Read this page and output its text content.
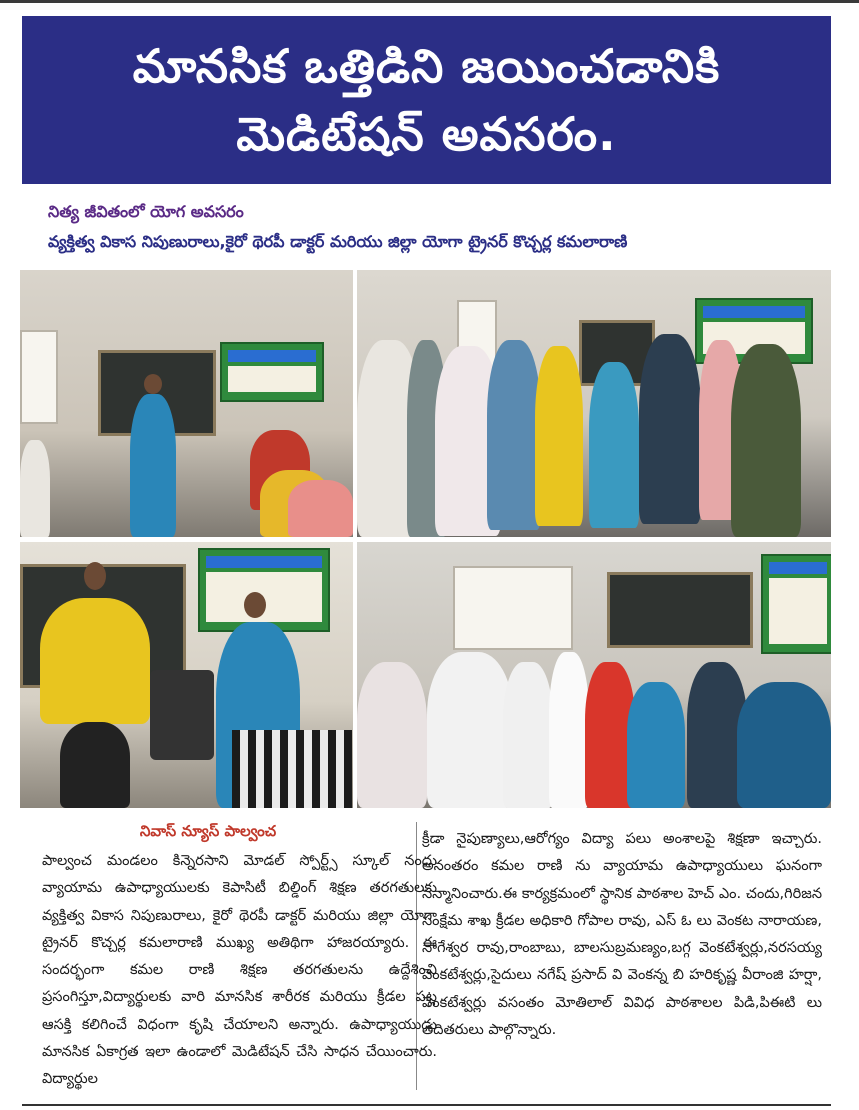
మానసిక ఒత్తిడిని జయించడానికి
మెడిటేషన్ అవసరం.
నిత్య జీవితంలో యోగ అవసరం
వ్యక్తిత్వ వికాస నిపుణురాలు,కైరో థెరపీ డాక్టర్ మరియు జిల్లా యోగా ట్రైనర్ కొచ్చర్ల కమలారాణి
నివాస్ న్యూస్ పాల్వంచ
పాల్వంచ మండలం కిన్నెరసాని మోడల్ స్పోర్ట్స్ స్కూల్ నందు వ్యాయామ ఉపాధ్యాయులకు కెపాసిటీ బిల్డింగ్ శిక్షణ తరగతులకు వ్యక్తిత్వ వికాస నిపుణురాలు, కైరో థెరపీ డాక్టర్ మరియు జిల్లా యోగా ట్రైనర్ కొచ్చర్ల కమలారాణి ముఖ్య అతిథిగా హాజరయ్యారు. ఈ సందర్భంగా కమల రాణి శిక్షణ తరగతులను ఉద్దేశించి ప్రసంగిస్తూ,విద్యార్థులకు వారి మానసిక శారీరక మరియు క్రీడల పట్ల ఆసక్తి కలిగించే విధంగా కృషి చేయాలని అన్నారు. ఉపాధ్యాయుడు మానసిక ఏకాగ్రత ఇలా ఉండాలో మెడిటేషన్ చేసి సాధన చేయించారు. విద్యార్థుల
క్రీడా నైపుణ్యాలు,ఆరోగ్యం విద్యా పలు అంశాలపై శిక్షణా ఇచ్చారు. అనంతరం కమల రాణి ను వ్యాయామ ఉపాధ్యాయులు ఘనంగా సన్మానించారు.ఈ కార్యక్రమంలో స్థానిక పాఠశాల హెచ్ ఎం. చందు,గిరిజన సంక్షేమ శాఖ క్రీడల అధికారి గోపాల రావు, ఎస్ ఓ లు వెంకట నారాయణ, నాగేశ్వర రావు,రాంబాబు, బాలసుబ్రమణ్యం,బగ్గ వెంకటేశ్వర్లు,నరసయ్య వెంకటేశ్వర్లు,సైదులు నగేష్ ప్రసాద్ వి వెంకన్న బి హరికృష్ణ వీరాంజి హర్షా, వెంకటేశ్వర్లు వసంతం మోతిలాల్ వివిధ పాఠశాలల పిడి,పిఈటి లు తదితరులు పాల్గొన్నారు.
